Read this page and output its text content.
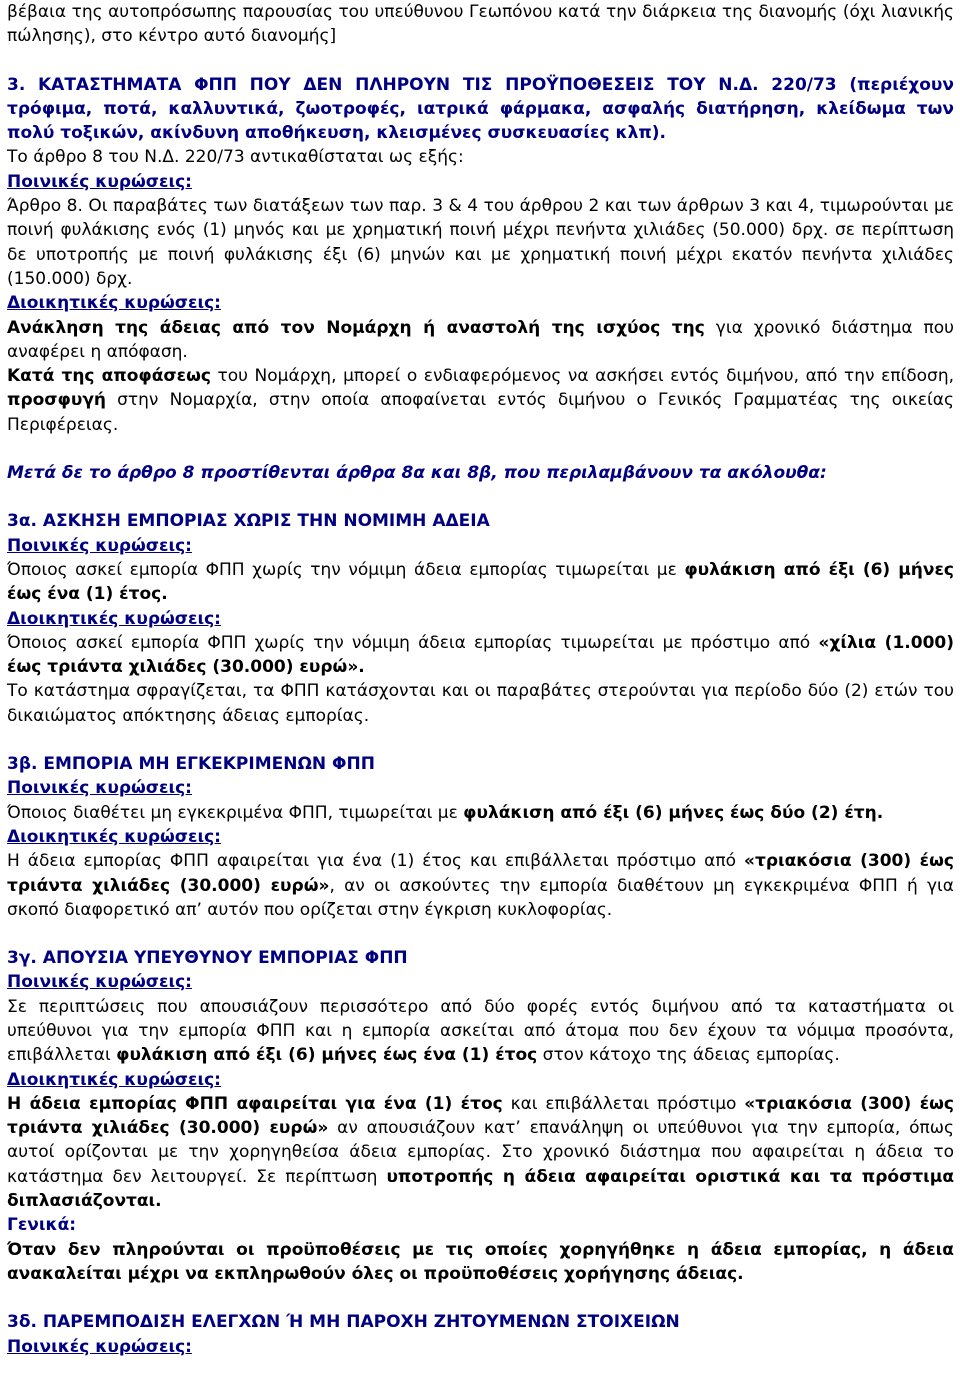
βέβαια της αυτοπρόσωπης παρουσίας του υπεύθυνου Γεωπόνου κατά την διάρκεια της διανομής (όχι λιανικής πώλησης), στο κέντρο αυτό διανομής]

3. ΚΑΤΑΣΤΗΜΑΤΑ ΦΠΠ ΠΟΥ ΔΕΝ ΠΛΗΡΟΥΝ ΤΙΣ ΠΡΟΫΠΟΘΕΣΕΙΣ ΤΟΥ Ν.Δ. 220/73 (περιέχουν τρόφιμα, ποτά, καλλυντικά, ζωοτροφές, ιατρικά φάρμακα, ασφαλής διατήρηση, κλείδωμα των πολύ τοξικών, ακίνδυνη αποθήκευση, κλεισμένες συσκευασίες κλπ).

Το άρθρο 8 του Ν.Δ. 220/73 αντικαθίσταται ως εξής:

Ποινικές κυρώσεις:

Άρθρο 8. Οι παραβάτες των διατάξεων των παρ. 3 & 4 του άρθρου 2 και των άρθρων 3 και 4, τιμωρούνται με ποινή φυλάκισης ενός (1) μηνός και με χρηματική ποινή μέχρι πενήντα χιλιάδες (50.000) δρχ. σε περίπτωση δε υποτροπής με ποινή φυλάκισης έξι (6) μηνών και με χρηματική ποινή μέχρι εκατόν πενήντα χιλιάδες (150.000) δρχ.

Διοικητικές κυρώσεις:

Ανάκληση της άδειας από τον Νομάρχη ή αναστολή της ισχύος της για χρονικό διάστημα που αναφέρει η απόφαση.

Κατά της αποφάσεως του Νομάρχη, μπορεί ο ενδιαφερόμενος να ασκήσει εντός διμήνου, από την επίδοση, προσφυγή στην Νομαρχία, στην οποία αποφαίνεται εντός διμήνου ο Γενικός Γραμματέας της οικείας Περιφέρειας.

Μετά δε το άρθρο 8 προστίθενται άρθρα 8α και 8β, που περιλαμβάνουν τα ακόλουθα:

3α. ΑΣΚΗΣΗ ΕΜΠΟΡΙΑΣ ΧΩΡΙΣ ΤΗΝ ΝΟΜΙΜΗ ΑΔΕΙΑ

Ποινικές κυρώσεις:

Όποιος ασκεί εμπορία ΦΠΠ χωρίς την νόμιμη άδεια εμπορίας τιμωρείται με φυλάκιση από έξι (6) μήνες έως ένα (1) έτος.

Διοικητικές κυρώσεις:

Όποιος ασκεί εμπορία ΦΠΠ χωρίς την νόμιμη άδεια εμπορίας τιμωρείται με πρόστιμο από «χίλια (1.000) έως τριάντα χιλιάδες (30.000) ευρώ».

Το κατάστημα σφραγίζεται, τα ΦΠΠ κατάσχονται και οι παραβάτες στερούνται για περίοδο δύο (2) ετών του δικαιώματος απόκτησης άδειας εμπορίας.

3β. ΕΜΠΟΡΙΑ ΜΗ ΕΓΚΕΚΡΙΜΕΝΩΝ ΦΠΠ

Ποινικές κυρώσεις:

Όποιος διαθέτει μη εγκεκριμένα ΦΠΠ, τιμωρείται με φυλάκιση από έξι (6) μήνες έως δύο (2) έτη.

Διοικητικές κυρώσεις:

Η άδεια εμπορίας ΦΠΠ αφαιρείται για ένα (1) έτος και επιβάλλεται πρόστιμο από «τριακόσια (300) έως τριάντα χιλιάδες (30.000) ευρώ», αν οι ασκούντες την εμπορία διαθέτουν μη εγκεκριμένα ΦΠΠ ή για σκοπό διαφορετικό απ’ αυτόν που ορίζεται στην έγκριση κυκλοφορίας.

3γ. ΑΠΟΥΣΙΑ ΥΠΕΥΘΥΝΟΥ ΕΜΠΟΡΙΑΣ ΦΠΠ

Ποινικές κυρώσεις:

Σε περιπτώσεις που απουσιάζουν περισσότερο από δύο φορές εντός διμήνου από τα καταστήματα οι υπεύθυνοι για την εμπορία ΦΠΠ και η εμπορία ασκείται από άτομα που δεν έχουν τα νόμιμα προσόντα, επιβάλλεται φυλάκιση από έξι (6) μήνες έως ένα (1) έτος στον κάτοχο της άδειας εμπορίας.

Διοικητικές κυρώσεις:

Η άδεια εμπορίας ΦΠΠ αφαιρείται για ένα (1) έτος και επιβάλλεται πρόστιμο «τριακόσια (300) έως τριάντα χιλιάδες (30.000) ευρώ» αν απουσιάζουν κατ’ επανάληψη οι υπεύθυνοι για την εμπορία, όπως αυτοί ορίζονται με την χορηγηθείσα άδεια εμπορίας. Στο χρονικό διάστημα που αφαιρείται η άδεια το κατάστημα δεν λειτουργεί. Σε περίπτωση υποτροπής η άδεια αφαιρείται οριστικά και τα πρόστιμα διπλασιάζονται.

Γενικά:

Όταν δεν πληρούνται οι προϋποθέσεις με τις οποίες χορηγήθηκε η άδεια εμπορίας, η άδεια ανακαλείται μέχρι να εκπληρωθούν όλες οι προϋποθέσεις χορήγησης άδειας.

3δ. ΠΑΡΕΜΠΟΔΙΣΗ ΕΛΕΓΧΩΝ Ή ΜΗ ΠΑΡΟΧΗ ΖΗΤΟΥΜΕΝΩΝ ΣΤΟΙΧΕΙΩΝ

Ποινικές κυρώσεις:
